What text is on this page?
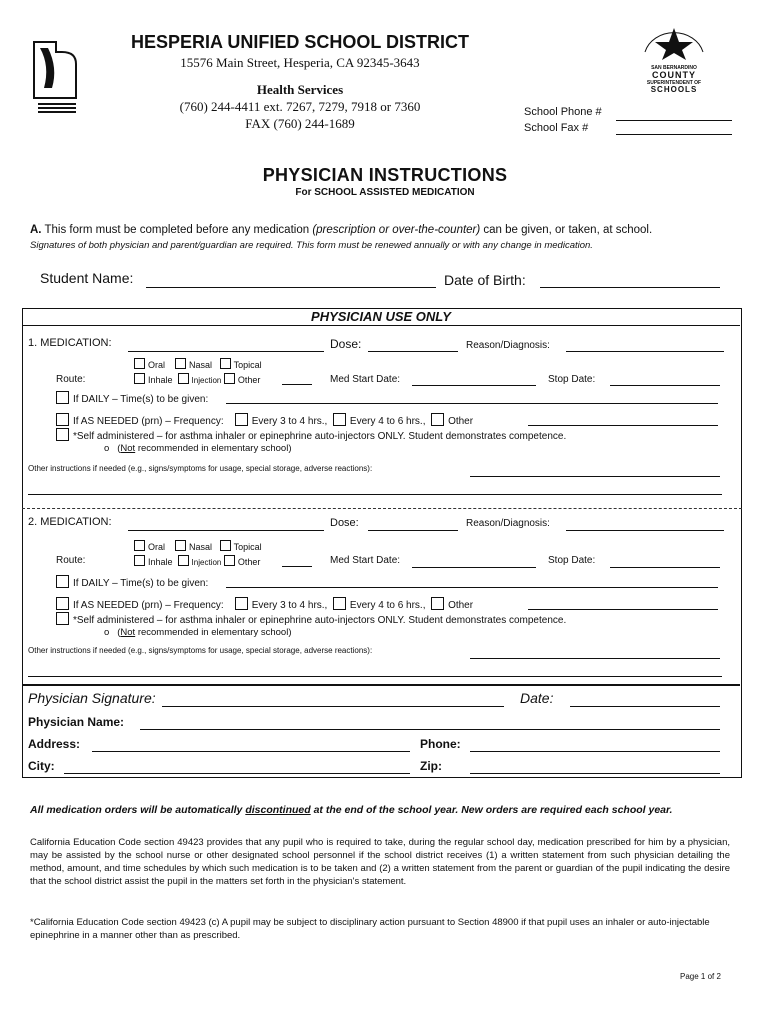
SAN BERNARDINO
COUNTY
SUPERINTENDENT OF
SCHOOLS
HESPERIA UNIFIED SCHOOL DISTRICT
15576 Main Street, Hesperia, CA 92345-3643
Health Services
(760) 244-4411 ext. 7267, 7279, 7918 or 7360
FAX (760) 244-1689
School Phone #
School Fax #
PHYSICIAN INSTRUCTIONS
For SCHOOL ASSISTED MEDICATION
A. This form must be completed before any medication (prescription or over-the-counter) can be given, or taken, at school.
Signatures of both physician and parent/guardian are required. This form must be renewed annually or with any change in medication.
Student Name:	Date of Birth:
PHYSICIAN USE ONLY
1. MEDICATION:	Dose:	Reason/Diagnosis:
Oral	Nasal Topical
Route:	Inhale Injection Other	Med Start Date:	Stop Date:
If DAILY – Time(s) to be given:
If AS NEEDED (prn) – Frequency:	Every 3 to 4 hrs., Every 4 to 6 hrs., Other
*Self administered – for asthma inhaler or epinephrine auto-injectors ONLY. Student demonstrates competence.
o (Not recommended in elementary school)
Other instructions if needed (e.g., signs/symptoms for usage, special storage, adverse reactions):
2. MEDICATION:	Dose:	Reason/Diagnosis:
Oral	Nasal Topical
Route:	Inhale Injection Other	Med Start Date:	Stop Date:
If DAILY – Time(s) to be given:
If AS NEEDED (prn) – Frequency:	Every 3 to 4 hrs., Every 4 to 6 hrs., Other
*Self administered – for asthma inhaler or epinephrine auto-injectors ONLY. Student demonstrates competence.
o (Not recommended in elementary school)
Other instructions if needed (e.g., signs/symptoms for usage, special storage, adverse reactions):
Physician Signature:	Date:
Physician Name:
Address:	Phone:
City:	Zip:
All medication orders will be automatically discontinued at the end of the school year. New orders are required each school year.
California Education Code section 49423 provides that any pupil who is required to take, during the regular school day, medication prescribed for him by a physician, may be assisted by the school nurse or other designated school personnel if the school district receives (1) a written statement from such physician detailing the method, amount, and time schedules by which such medication is to be taken and (2) a written statement from the parent or guardian of the pupil indicating the desire that the school district assist the pupil in the matters set forth in the physician's statement.
*California Education Code section 49423 (c) A pupil may be subject to disciplinary action pursuant to Section 48900 if that pupil uses an inhaler or auto-injectable epinephrine in a manner other than as prescribed.
Page 1 of 2
